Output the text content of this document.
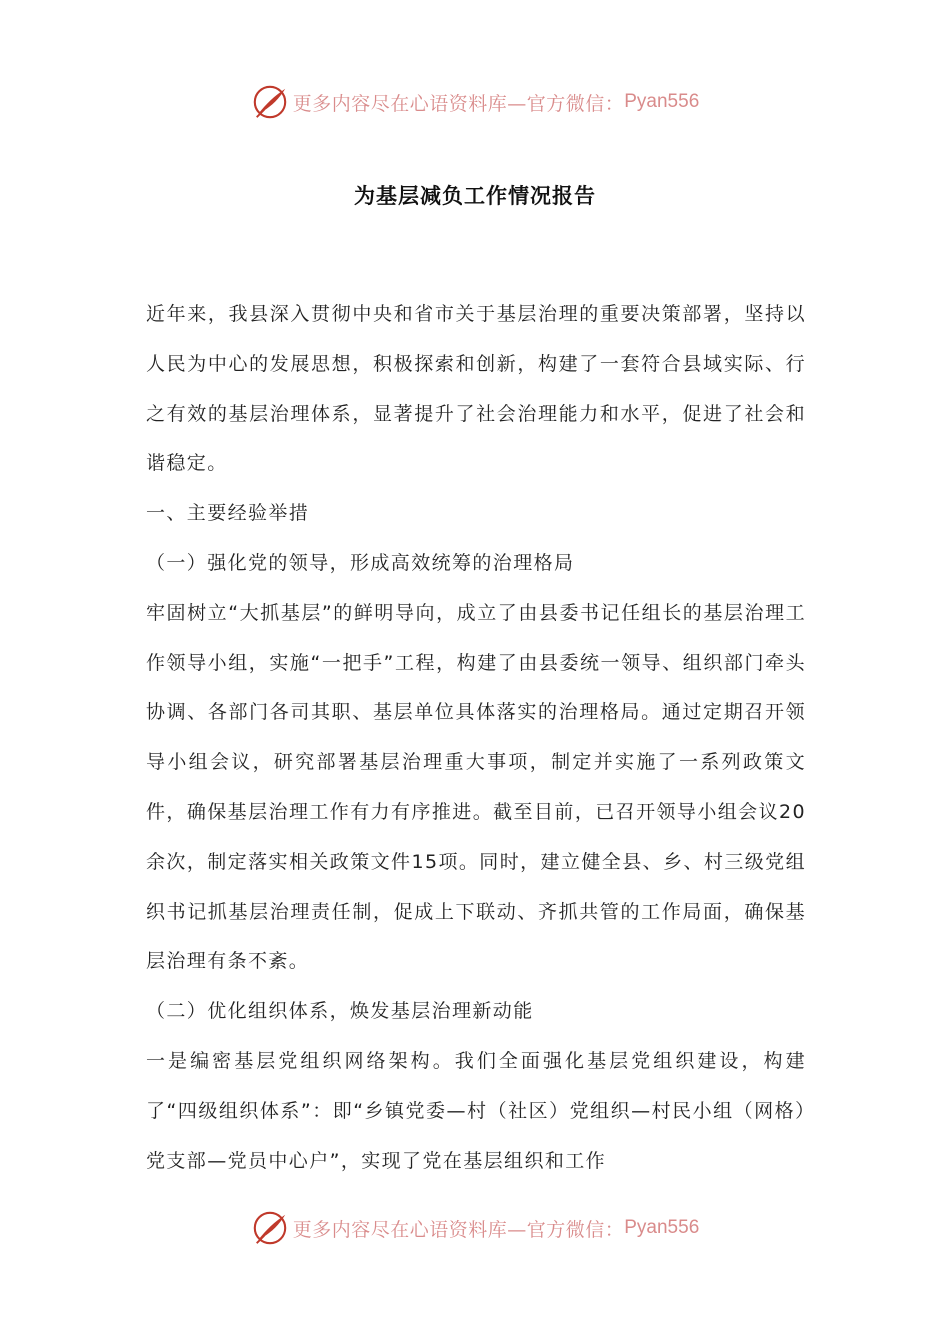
更多内容尽在心语资料库—官方微信： Pyan556
为基层减负工作情况报告

近年来，我县深入贯彻中央和省市关于基层治理的重要决策部署，坚持以人民为中心的发展思想，积极探索和创新，构建了一套符合县域实际、行之有效的基层治理体系，显著提升了社会治理能力和水平，促进了社会和谐稳定。

一、主要经验举措

（一）强化党的领导，形成高效统筹的治理格局

牢固树立“大抓基层”的鲜明导向，成立了由县委书记任组长的基层治理工作领导小组，实施“一把手”工程，构建了由县委统一领导、组织部门牵头协调、各部门各司其职、基层单位具体落实的治理格局。通过定期召开领导小组会议，研究部署基层治理重大事项，制定并实施了一系列政策文件，确保基层治理工作有力有序推进。截至目前，已召开领导小组会议20余次，制定落实相关政策文件15项。同时，建立健全县、乡、村三级党组织书记抓基层治理责任制，促成上下联动、齐抓共管的工作局面，确保基层治理有条不紊。

（二）优化组织体系，焕发基层治理新动能

一是编密基层党组织网络架构。我们全面强化基层党组织建设，构建了“四级组织体系”：即“乡镇党委—村（社区）党组织—村民小组（网格）党支部—党员中心户”，实现了党在基层组织和工作

更多内容尽在心语资料库—官方微信： Pyan556
